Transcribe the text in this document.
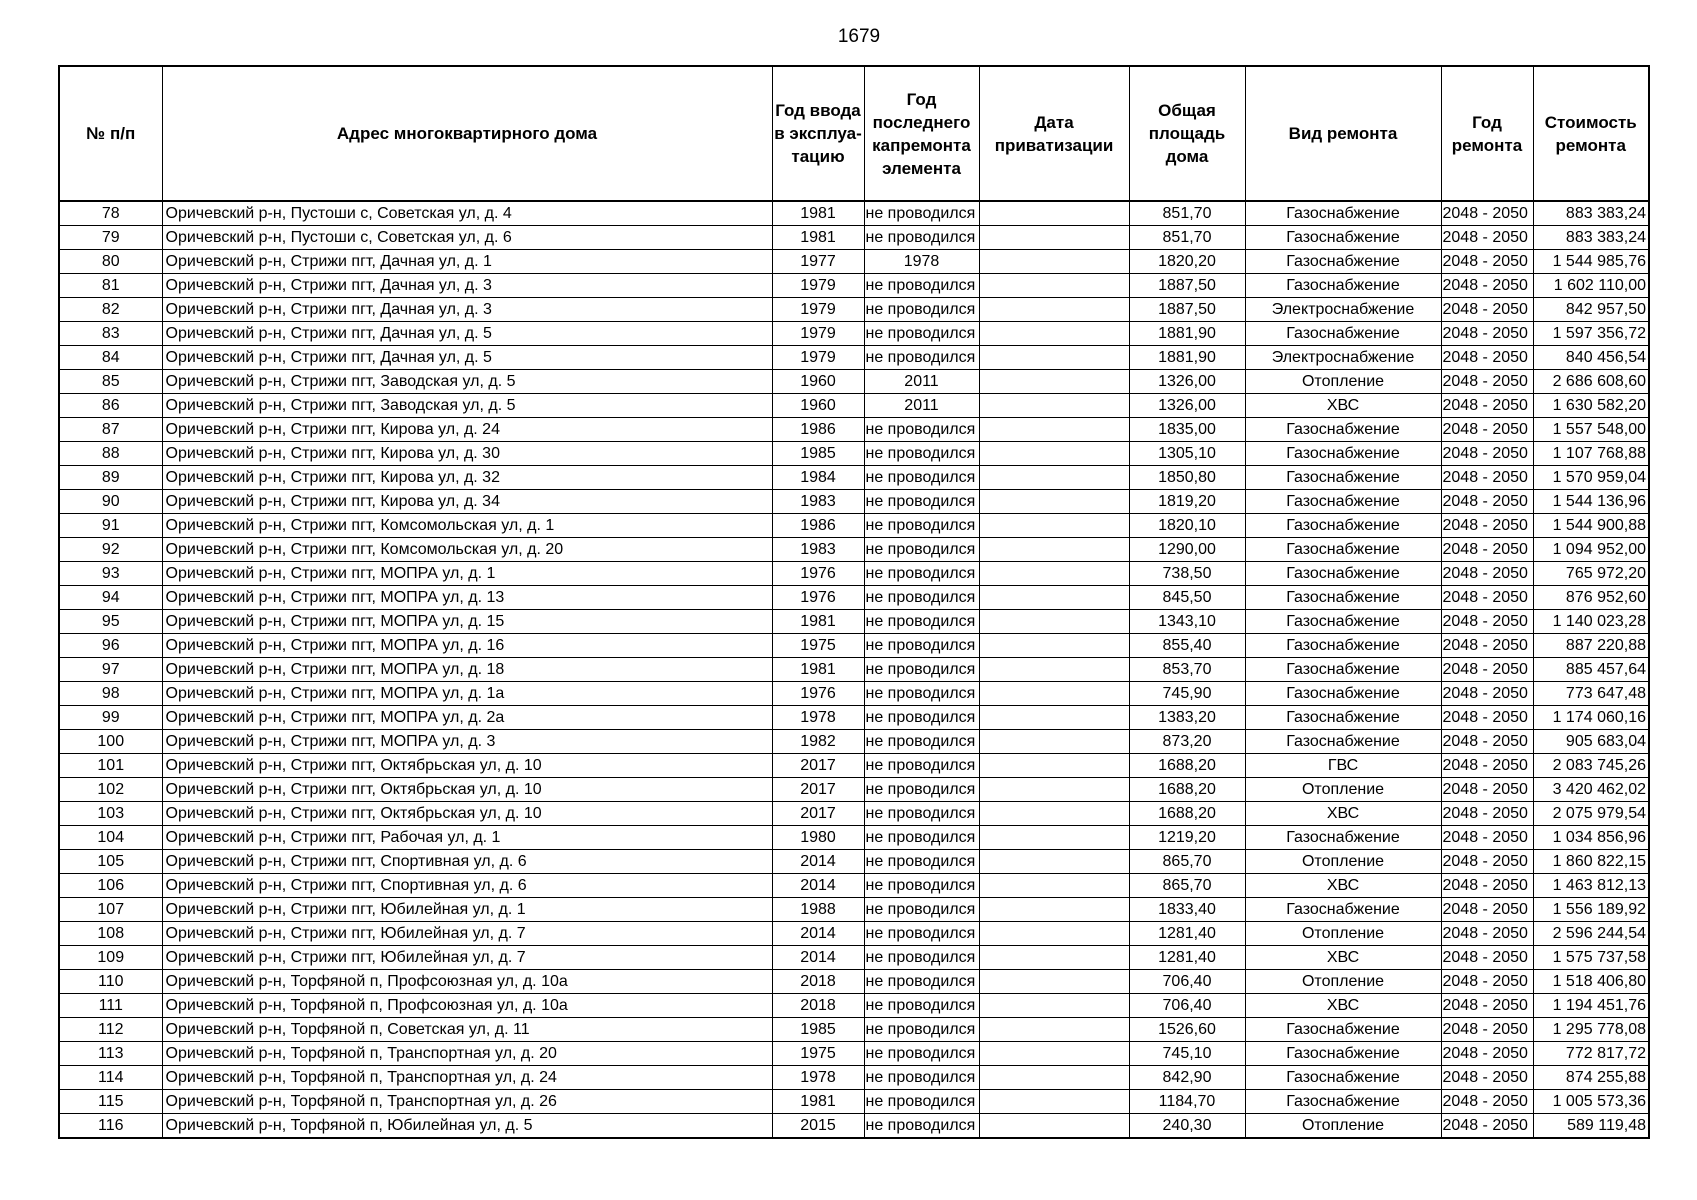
1679
№ п/п	Адрес многоквартирного дома	Год ввода в эксплуа-тацию	Год последнего капремонта элемента	Дата приватизации	Общая площадь дома	Вид ремонта	Год ремонта	Стоимость ремонта
78	Оричевский р-н, Пустоши с, Советская ул, д. 4	1981	не проводился		851,70	Газоснабжение	2048 - 2050	883 383,24
79	Оричевский р-н, Пустоши с, Советская ул, д. 6	1981	не проводился		851,70	Газоснабжение	2048 - 2050	883 383,24
80	Оричевский р-н, Стрижи пгт, Дачная ул, д. 1	1977	1978		1820,20	Газоснабжение	2048 - 2050	1 544 985,76
81	Оричевский р-н, Стрижи пгт, Дачная ул, д. 3	1979	не проводился		1887,50	Газоснабжение	2048 - 2050	1 602 110,00
82	Оричевский р-н, Стрижи пгт, Дачная ул, д. 3	1979	не проводился		1887,50	Электроснабжение	2048 - 2050	842 957,50
83	Оричевский р-н, Стрижи пгт, Дачная ул, д. 5	1979	не проводился		1881,90	Газоснабжение	2048 - 2050	1 597 356,72
84	Оричевский р-н, Стрижи пгт, Дачная ул, д. 5	1979	не проводился		1881,90	Электроснабжение	2048 - 2050	840 456,54
85	Оричевский р-н, Стрижи пгт, Заводская ул, д. 5	1960	2011		1326,00	Отопление	2048 - 2050	2 686 608,60
86	Оричевский р-н, Стрижи пгт, Заводская ул, д. 5	1960	2011		1326,00	ХВС	2048 - 2050	1 630 582,20
87	Оричевский р-н, Стрижи пгт, Кирова ул, д. 24	1986	не проводился		1835,00	Газоснабжение	2048 - 2050	1 557 548,00
88	Оричевский р-н, Стрижи пгт, Кирова ул, д. 30	1985	не проводился		1305,10	Газоснабжение	2048 - 2050	1 107 768,88
89	Оричевский р-н, Стрижи пгт, Кирова ул, д. 32	1984	не проводился		1850,80	Газоснабжение	2048 - 2050	1 570 959,04
90	Оричевский р-н, Стрижи пгт, Кирова ул, д. 34	1983	не проводился		1819,20	Газоснабжение	2048 - 2050	1 544 136,96
91	Оричевский р-н, Стрижи пгт, Комсомольская ул, д. 1	1986	не проводился		1820,10	Газоснабжение	2048 - 2050	1 544 900,88
92	Оричевский р-н, Стрижи пгт, Комсомольская ул, д. 20	1983	не проводился		1290,00	Газоснабжение	2048 - 2050	1 094 952,00
93	Оричевский р-н, Стрижи пгт, МОПРА ул, д. 1	1976	не проводился		738,50	Газоснабжение	2048 - 2050	765 972,20
94	Оричевский р-н, Стрижи пгт, МОПРА ул, д. 13	1976	не проводился		845,50	Газоснабжение	2048 - 2050	876 952,60
95	Оричевский р-н, Стрижи пгт, МОПРА ул, д. 15	1981	не проводился		1343,10	Газоснабжение	2048 - 2050	1 140 023,28
96	Оричевский р-н, Стрижи пгт, МОПРА ул, д. 16	1975	не проводился		855,40	Газоснабжение	2048 - 2050	887 220,88
97	Оричевский р-н, Стрижи пгт, МОПРА ул, д. 18	1981	не проводился		853,70	Газоснабжение	2048 - 2050	885 457,64
98	Оричевский р-н, Стрижи пгт, МОПРА ул, д. 1а	1976	не проводился		745,90	Газоснабжение	2048 - 2050	773 647,48
99	Оричевский р-н, Стрижи пгт, МОПРА ул, д. 2а	1978	не проводился		1383,20	Газоснабжение	2048 - 2050	1 174 060,16
100	Оричевский р-н, Стрижи пгт, МОПРА ул, д. 3	1982	не проводился		873,20	Газоснабжение	2048 - 2050	905 683,04
101	Оричевский р-н, Стрижи пгт, Октябрьская ул, д. 10	2017	не проводился		1688,20	ГВС	2048 - 2050	2 083 745,26
102	Оричевский р-н, Стрижи пгт, Октябрьская ул, д. 10	2017	не проводился		1688,20	Отопление	2048 - 2050	3 420 462,02
103	Оричевский р-н, Стрижи пгт, Октябрьская ул, д. 10	2017	не проводился		1688,20	ХВС	2048 - 2050	2 075 979,54
104	Оричевский р-н, Стрижи пгт, Рабочая ул, д. 1	1980	не проводился		1219,20	Газоснабжение	2048 - 2050	1 034 856,96
105	Оричевский р-н, Стрижи пгт, Спортивная ул, д. 6	2014	не проводился		865,70	Отопление	2048 - 2050	1 860 822,15
106	Оричевский р-н, Стрижи пгт, Спортивная ул, д. 6	2014	не проводился		865,70	ХВС	2048 - 2050	1 463 812,13
107	Оричевский р-н, Стрижи пгт, Юбилейная ул, д. 1	1988	не проводился		1833,40	Газоснабжение	2048 - 2050	1 556 189,92
108	Оричевский р-н, Стрижи пгт, Юбилейная ул, д. 7	2014	не проводился		1281,40	Отопление	2048 - 2050	2 596 244,54
109	Оричевский р-н, Стрижи пгт, Юбилейная ул, д. 7	2014	не проводился		1281,40	ХВС	2048 - 2050	1 575 737,58
110	Оричевский р-н, Торфяной п, Профсоюзная ул, д. 10а	2018	не проводился		706,40	Отопление	2048 - 2050	1 518 406,80
111	Оричевский р-н, Торфяной п, Профсоюзная ул, д. 10а	2018	не проводился		706,40	ХВС	2048 - 2050	1 194 451,76
112	Оричевский р-н, Торфяной п, Советская ул, д. 11	1985	не проводился		1526,60	Газоснабжение	2048 - 2050	1 295 778,08
113	Оричевский р-н, Торфяной п, Транспортная ул, д. 20	1975	не проводился		745,10	Газоснабжение	2048 - 2050	772 817,72
114	Оричевский р-н, Торфяной п, Транспортная ул, д. 24	1978	не проводился		842,90	Газоснабжение	2048 - 2050	874 255,88
115	Оричевский р-н, Торфяной п, Транспортная ул, д. 26	1981	не проводился		1184,70	Газоснабжение	2048 - 2050	1 005 573,36
116	Оричевский р-н, Торфяной п, Юбилейная ул, д. 5	2015	не проводился		240,30	Отопление	2048 - 2050	589 119,48
